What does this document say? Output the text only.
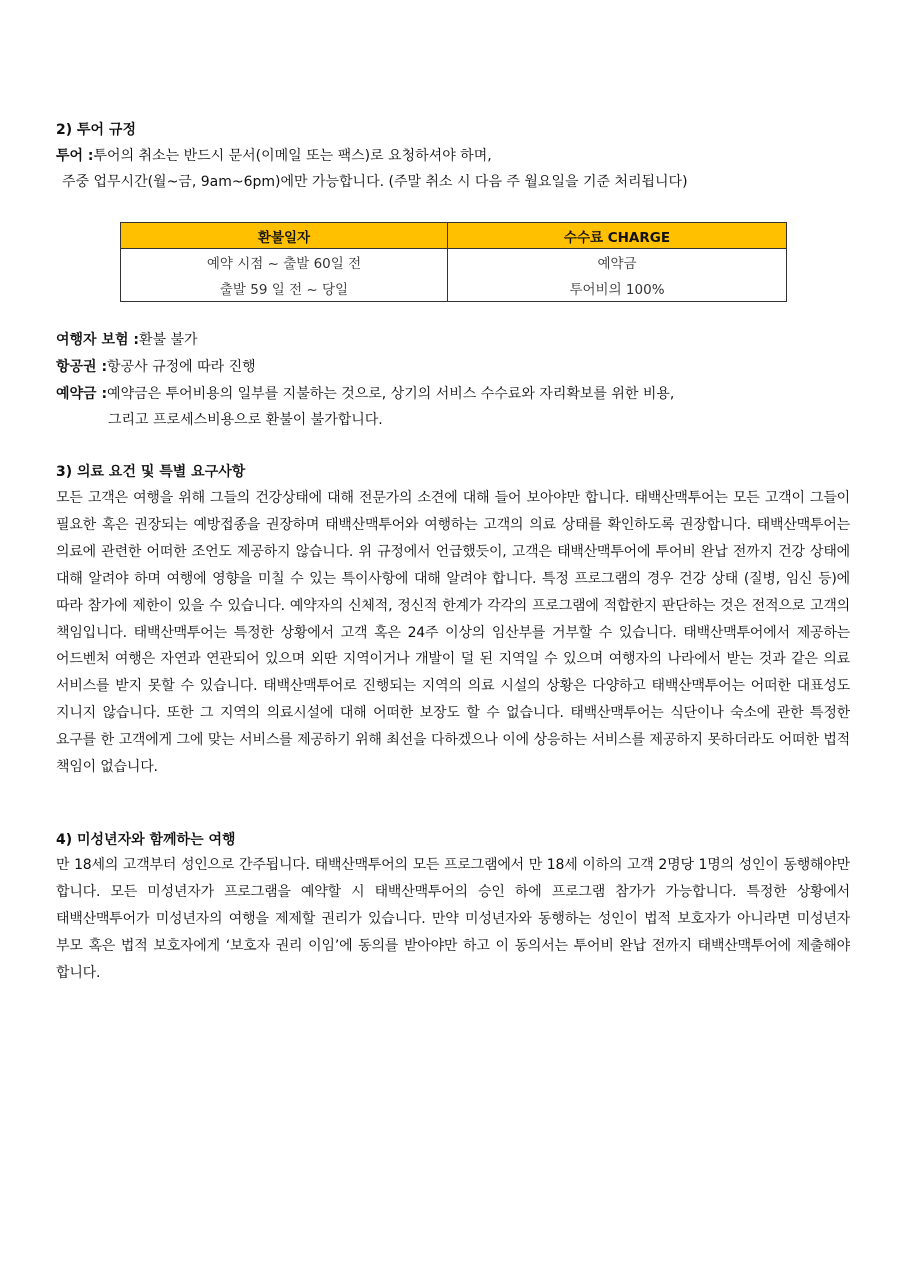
2) 투어 규정
투어 :투어의 취소는 반드시 문서(이메일 또는 팩스)로 요청하셔야 하며,
주중 업무시간(월~금, 9am~6pm)에만 가능합니다. (주말 취소 시 다음 주 월요일을 기준 처리됩니다)
환불일자	수수료 CHARGE
예약 시점 ~ 출발 60일 전	예약금
출발 59 일 전 ~ 당일	투어비의 100%
여행자 보험 :환불 불가
항공권 :항공사 규정에 따라 진행
예약금 :예약금은 투어비용의 일부를 지불하는 것으로, 상기의 서비스 수수료와 자리확보를 위한 비용,
그리고 프로세스비용으로 환불이 불가합니다.
3) 의료 요건 및 특별 요구사항
모든 고객은 여행을 위해 그들의 건강상태에 대해 전문가의 소견에 대해 들어 보아야만 합니다. 태백산맥투어는 모든 고객이 그들이 필요한 혹은 권장되는 예방접종을 권장하며 태백산맥투어와 여행하는 고객의 의료 상태를 확인하도록 권장합니다. 태백산맥투어는 의료에 관련한 어떠한 조언도 제공하지 않습니다. 위 규정에서 언급했듯이, 고객은 태백산맥투어에 투어비 완납 전까지 건강 상태에 대해 알려야 하며 여행에 영향을 미칠 수 있는 특이사항에 대해 알려야 합니다. 특정 프로그램의 경우 건강 상태 (질병, 임신 등)에 따라 참가에 제한이 있을 수 있습니다. 예약자의 신체적, 정신적 한계가 각각의 프로그램에 적합한지 판단하는 것은 전적으로 고객의 책임입니다. 태백산맥투어는 특정한 상황에서 고객 혹은 24주 이상의 임산부를 거부할 수 있습니다. 태백산맥투어에서 제공하는 어드벤처 여행은 자연과 연관되어 있으며 외딴 지역이거나 개발이 덜 된 지역일 수 있으며 여행자의 나라에서 받는 것과 같은 의료 서비스를 받지 못할 수 있습니다. 태백산맥투어로 진행되는 지역의 의료 시설의 상황은 다양하고 태백산맥투어는 어떠한 대표성도 지니지 않습니다. 또한 그 지역의 의료시설에 대해 어떠한 보장도 할 수 없습니다. 태백산맥투어는 식단이나 숙소에 관한 특정한 요구를 한 고객에게 그에 맞는 서비스를 제공하기 위해 최선을 다하겠으나 이에 상응하는 서비스를 제공하지 못하더라도 어떠한 법적 책임이 없습니다.
4) 미성년자와 함께하는 여행
만 18세의 고객부터 성인으로 간주됩니다. 태백산맥투어의 모든 프로그램에서 만 18세 이하의 고객 2명당 1명의 성인이 동행해야만 합니다. 모든 미성년자가 프로그램을 예약할 시 태백산맥투어의 승인 하에 프로그램 참가가 가능합니다. 특정한 상황에서 태백산맥투어가 미성년자의 여행을 제제할 권리가 있습니다. 만약 미성년자와 동행하는 성인이 법적 보호자가 아니라면 미성년자 부모 혹은 법적 보호자에게 ‘보호자 권리 이임’에 동의를 받아야만 하고 이 동의서는 투어비 완납 전까지 태백산맥투어에 제출해야 합니다.
